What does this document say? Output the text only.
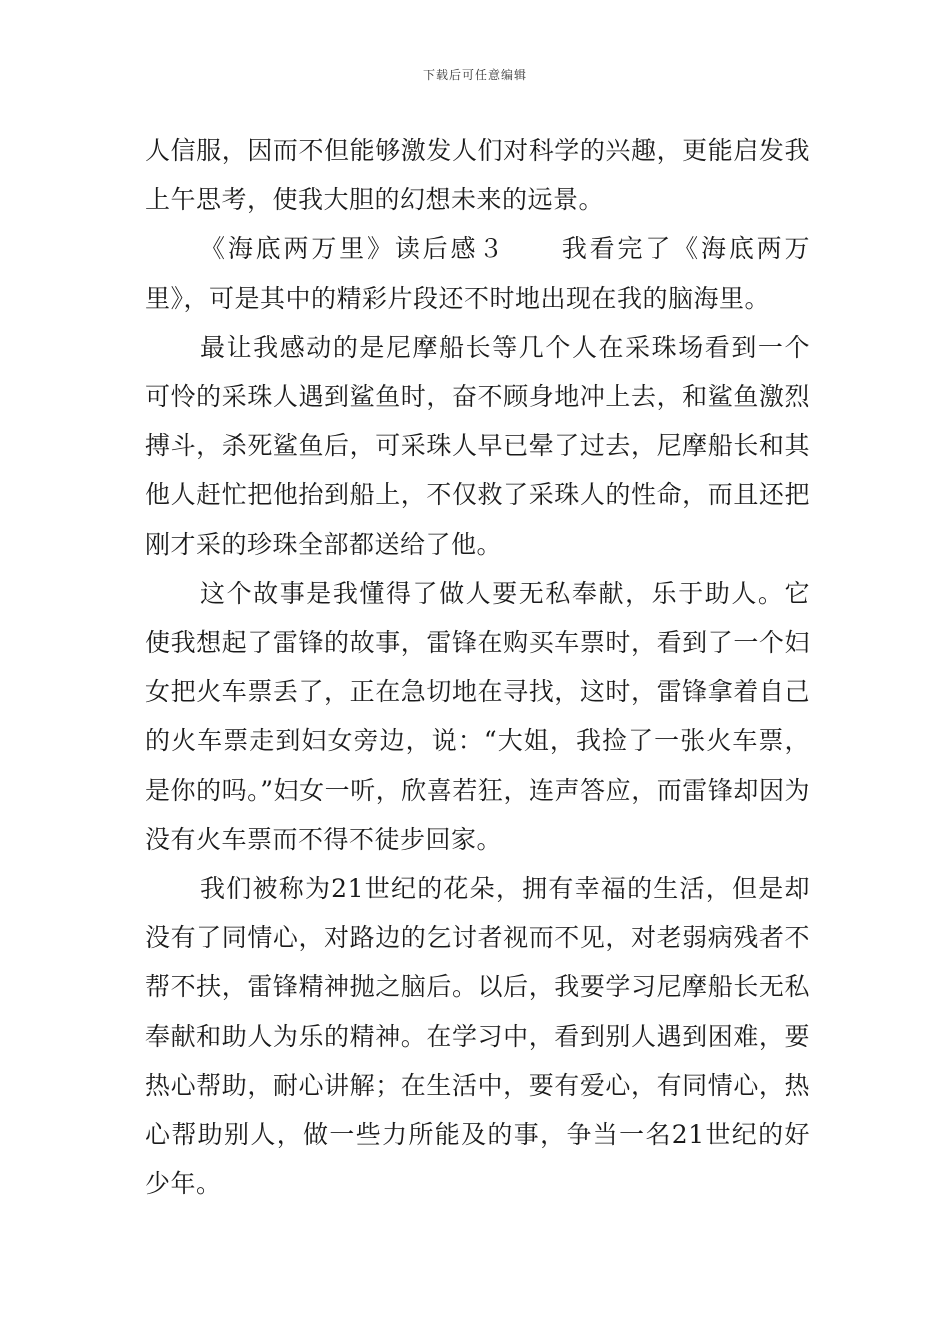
下载后可任意编辑

人信服，因而不但能够激发人们对科学的兴趣，更能启发我上午思考，使我大胆的幻想未来的远景。

《海底两万里》读后感３　　我看完了《海底两万里》，可是其中的精彩片段还不时地出现在我的脑海里。

最让我感动的是尼摩船长等几个人在采珠场看到一个可怜的采珠人遇到鲨鱼时，奋不顾身地冲上去，和鲨鱼激烈搏斗，杀死鲨鱼后，可采珠人早已晕了过去，尼摩船长和其他人赶忙把他抬到船上，不仅救了采珠人的性命，而且还把刚才采的珍珠全部都送给了他。

这个故事是我懂得了做人要无私奉献，乐于助人。它使我想起了雷锋的故事，雷锋在购买车票时，看到了一个妇女把火车票丢了，正在急切地在寻找，这时，雷锋拿着自己的火车票走到妇女旁边，说：“大姐，我捡了一张火车票，是你的吗。”妇女一听，欣喜若狂，连声答应，而雷锋却因为没有火车票而不得不徒步回家。

我们被称为21世纪的花朵，拥有幸福的生活，但是却没有了同情心，对路边的乞讨者视而不见，对老弱病残者不帮不扶，雷锋精神抛之脑后。以后，我要学习尼摩船长无私奉献和助人为乐的精神。在学习中，看到别人遇到困难，要热心帮助，耐心讲解；在生活中，要有爱心，有同情心，热心帮助别人，做一些力所能及的事，争当一名21世纪的好少年。
